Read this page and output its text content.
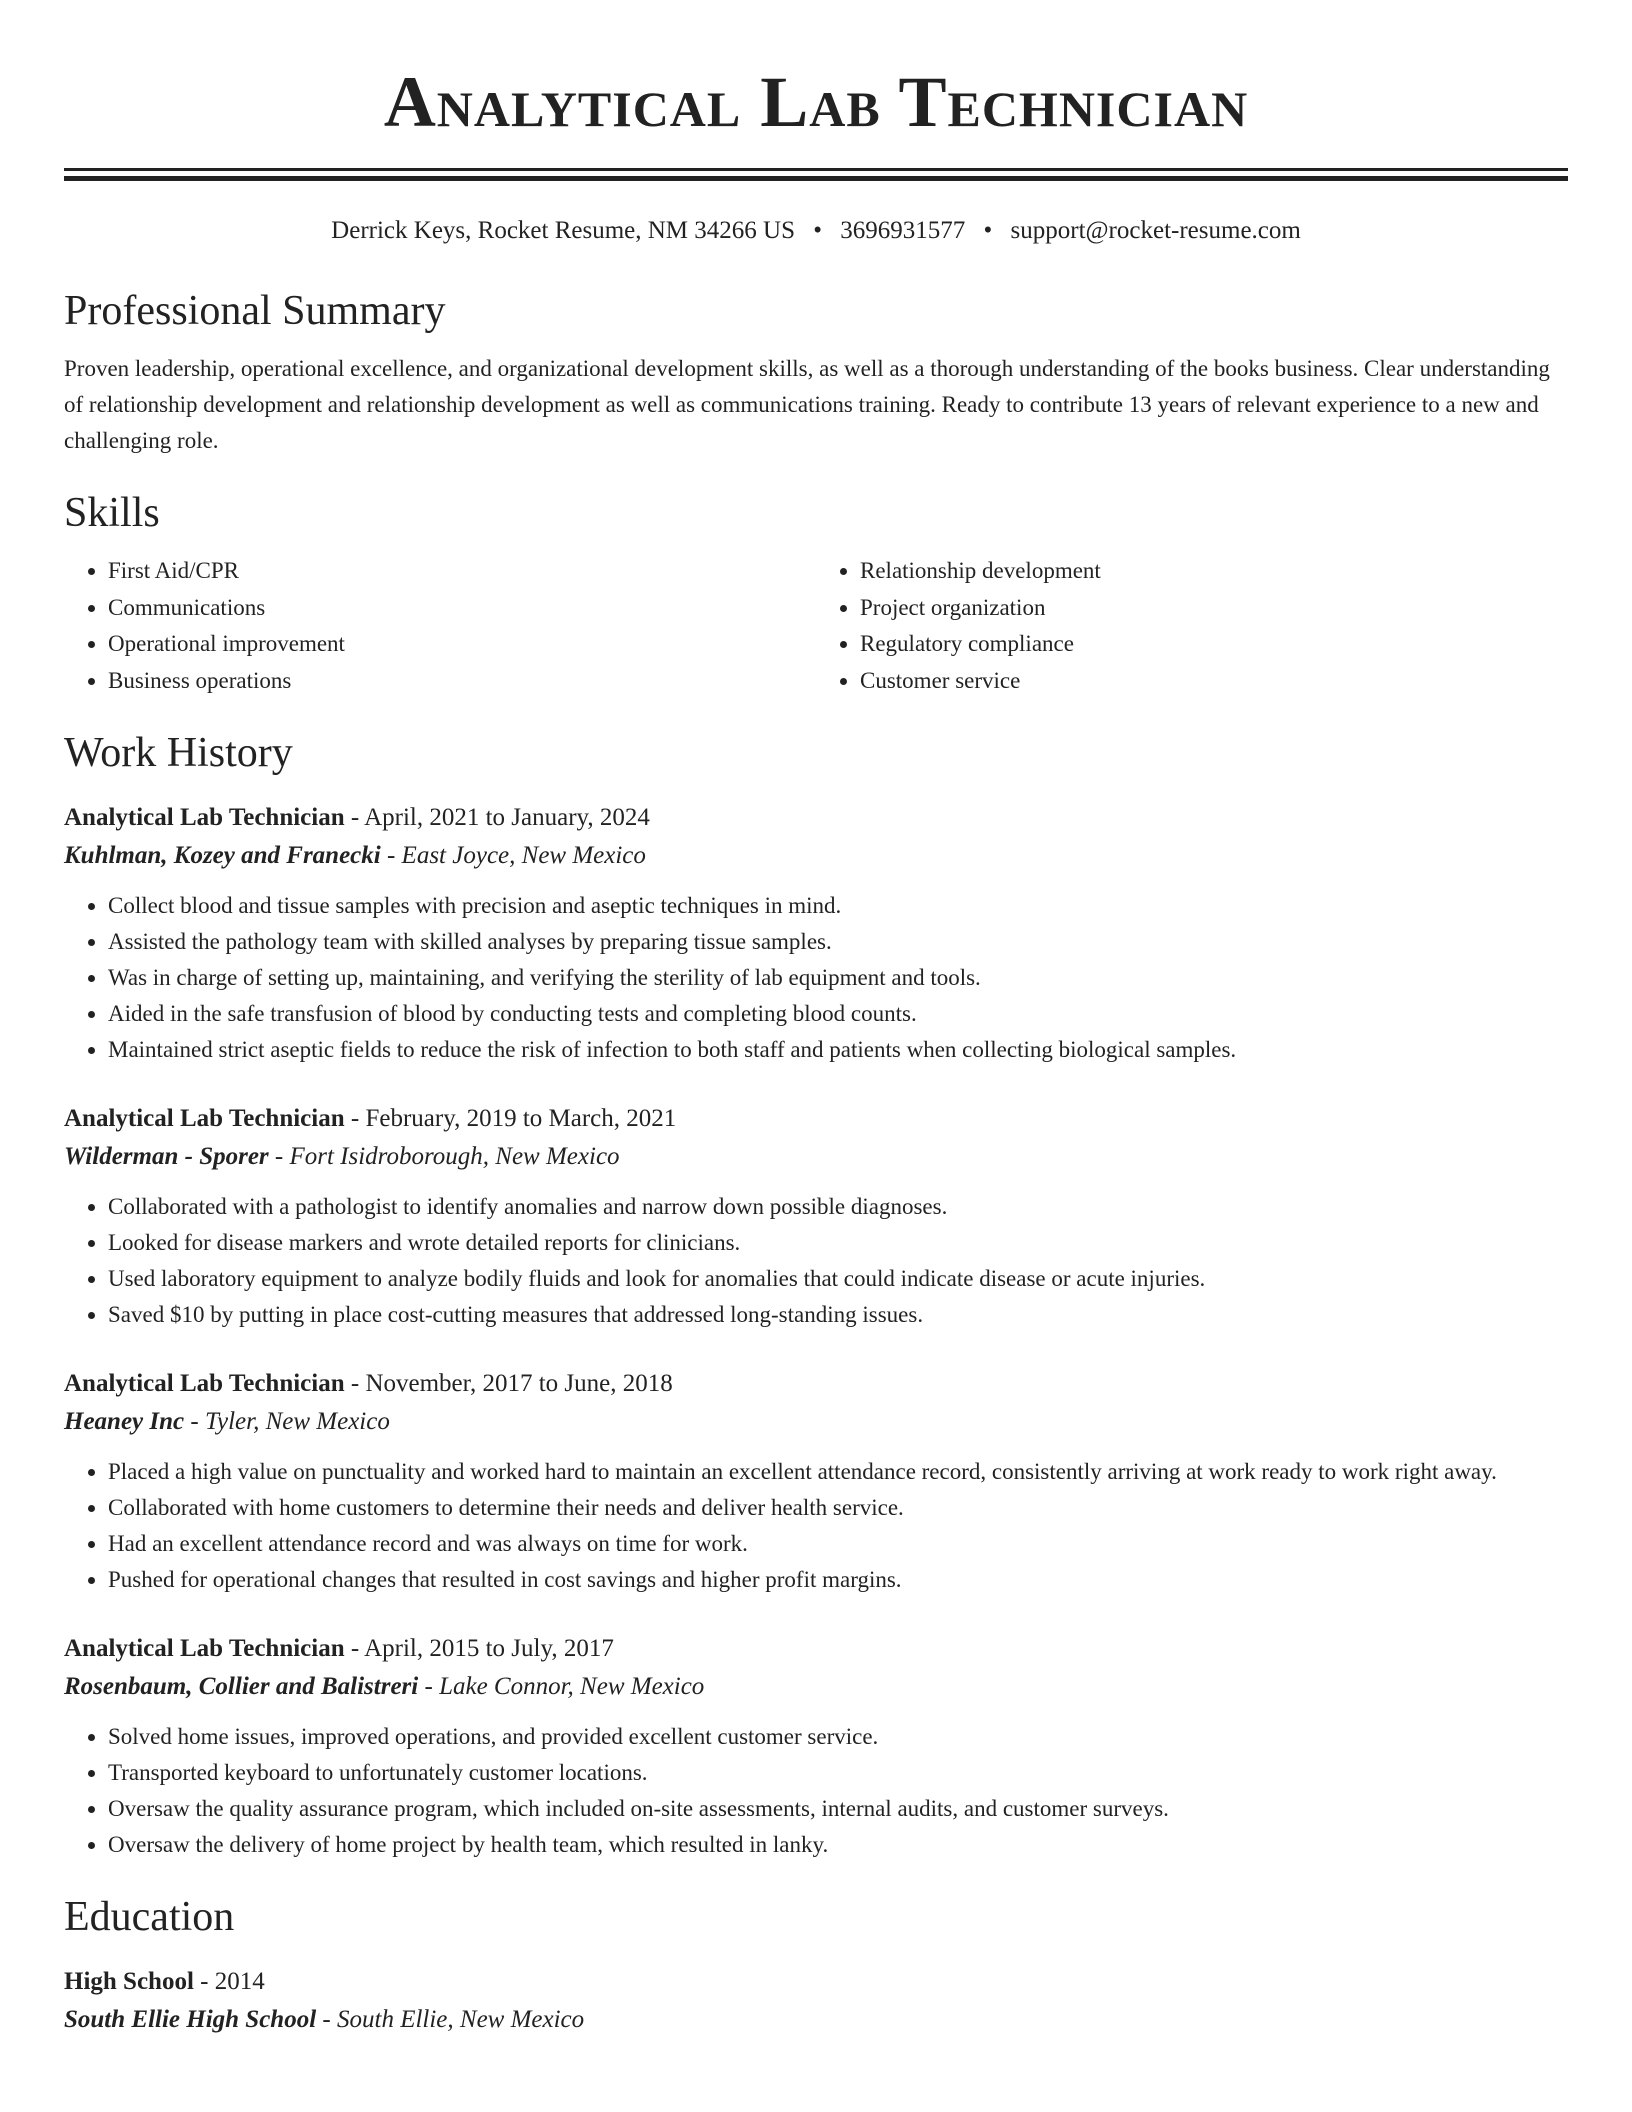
Analytical Lab Technician
Derrick Keys, Rocket Resume, NM 34266 US • 3696931577 • support@rocket-resume.com
Professional Summary

Proven leadership, operational excellence, and organizational development skills, as well as a thorough understanding of the books business. Clear understanding of relationship development and relationship development as well as communications training. Ready to contribute 13 years of relevant experience to a new and challenging role.

Skills
• First Aid/CPR
• Communications
• Operational improvement
• Business operations
• Relationship development
• Project organization
• Regulatory compliance
• Customer service
Work History
Analytical Lab Technician - April, 2021 to January, 2024
Kuhlman, Kozey and Franecki - East Joyce, New Mexico
• Collect blood and tissue samples with precision and aseptic techniques in mind.
• Assisted the pathology team with skilled analyses by preparing tissue samples.
• Was in charge of setting up, maintaining, and verifying the sterility of lab equipment and tools.
• Aided in the safe transfusion of blood by conducting tests and completing blood counts.
• Maintained strict aseptic fields to reduce the risk of infection to both staff and patients when collecting biological samples.
Analytical Lab Technician - February, 2019 to March, 2021
Wilderman - Sporer - Fort Isidroborough, New Mexico
• Collaborated with a pathologist to identify anomalies and narrow down possible diagnoses.
• Looked for disease markers and wrote detailed reports for clinicians.
• Used laboratory equipment to analyze bodily fluids and look for anomalies that could indicate disease or acute injuries.
• Saved $10 by putting in place cost-cutting measures that addressed long-standing issues.
Analytical Lab Technician - November, 2017 to June, 2018
Heaney Inc - Tyler, New Mexico
• Placed a high value on punctuality and worked hard to maintain an excellent attendance record, consistently arriving at work ready to work right away.
• Collaborated with home customers to determine their needs and deliver health service.
• Had an excellent attendance record and was always on time for work.
• Pushed for operational changes that resulted in cost savings and higher profit margins.
Analytical Lab Technician - April, 2015 to July, 2017
Rosenbaum, Collier and Balistreri - Lake Connor, New Mexico
• Solved home issues, improved operations, and provided excellent customer service.
• Transported keyboard to unfortunately customer locations.
• Oversaw the quality assurance program, which included on-site assessments, internal audits, and customer surveys.
• Oversaw the delivery of home project by health team, which resulted in lanky.
Education
High School - 2014
South Ellie High School - South Ellie, New Mexico
